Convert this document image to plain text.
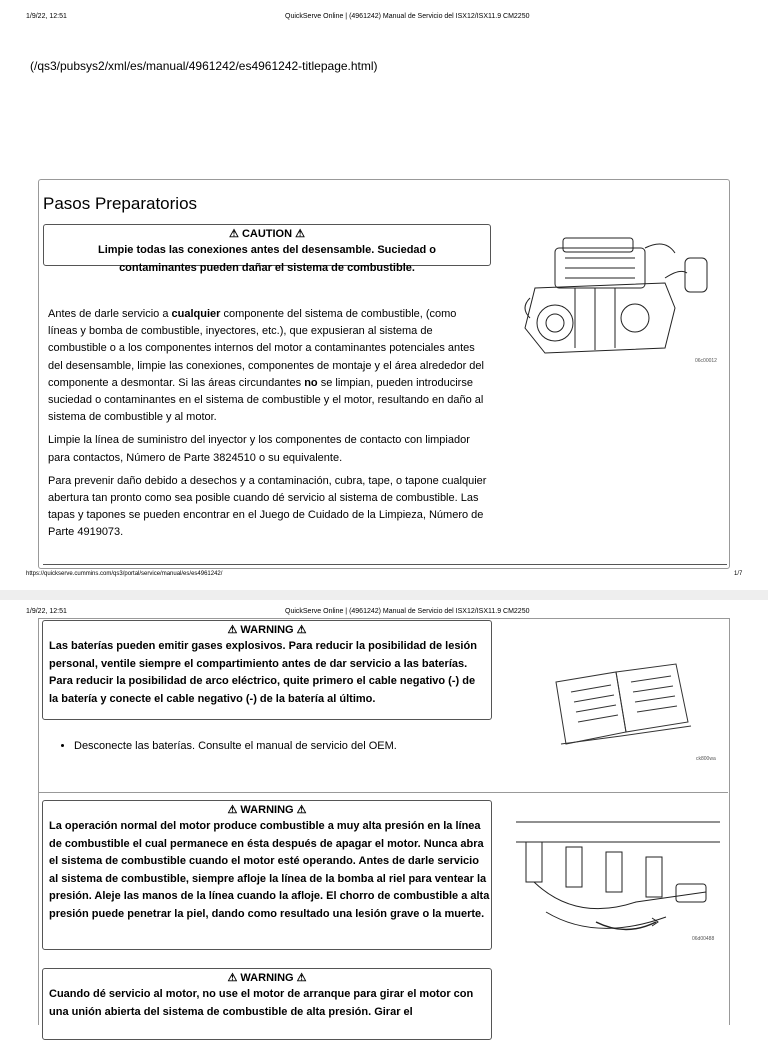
1/9/22, 12:51	QuickServe Online | (4961242) Manual de Servicio del ISX12/ISX11.9 CM2250
(/qs3/pubsys2/xml/es/manual/4961242/es4961242-titlepage.html)
Pasos Preparatorios
⚠ CAUTION ⚠
Limpie todas las conexiones antes del desensamble. Suciedad o contaminantes pueden dañar el sistema de combustible.

Antes de darle servicio a cualquier componente del sistema de combustible, (como líneas y bomba de combustible, inyectores, etc.), que expusieran al sistema de combustible o a los componentes internos del motor a contaminantes potenciales antes del desensamble, limpie las conexiones, componentes de montaje y el área alrededor del componente a desmontar. Si las áreas circundantes no se limpian, pueden introducirse suciedad o contaminantes en el sistema de combustible y el motor, resultando en daño al sistema de combustible y al motor.

Limpie la línea de suministro del inyector y los componentes de contacto con limpiador para contactos, Número de Parte 3824510 o su equivalente.

Para prevenir daño debido a desechos y a contaminación, cubra, tape, o tapone cualquier abertura tan pronto como sea posible cuando dé servicio al sistema de combustible. Las tapas y tapones se pueden encontrar en el Juego de Cuidado de la Limpieza, Número de Parte 4919073.

06c00012
https://quickserve.cummins.com/qs3/portal/service/manual/es/es4961242/	1/7
1/9/22, 12:51	QuickServe Online | (4961242) Manual de Servicio del ISX12/ISX11.9 CM2250
⚠ WARNING ⚠
Las baterías pueden emitir gases explosivos. Para reducir la posibilidad de lesión personal, ventile siempre el compartimiento antes de dar servicio a las baterías. Para reducir la posibilidad de arco eléctrico, quite primero el cable negativo (-) de la batería y conecte el cable negativo (-) de la batería al último.
• Desconecte las baterías. Consulte el manual de servicio del OEM.
ck800wa
⚠ WARNING ⚠
La operación normal del motor produce combustible a muy alta presión en la línea de combustible el cual permanece en ésta después de apagar el motor. Nunca abra el sistema de combustible cuando el motor esté operando. Antes de darle servicio al sistema de combustible, siempre afloje la línea de la bomba al riel para ventear la presión. Aleje las manos de la línea cuando la afloje. El chorro de combustible a alta presión puede penetrar la piel, dando como resultado una lesión grave o la muerte.
06d00488
⚠ WARNING ⚠
Cuando dé servicio al motor, no use el motor de arranque para girar el motor con una unión abierta del sistema de combustible de alta presión. Girar el
